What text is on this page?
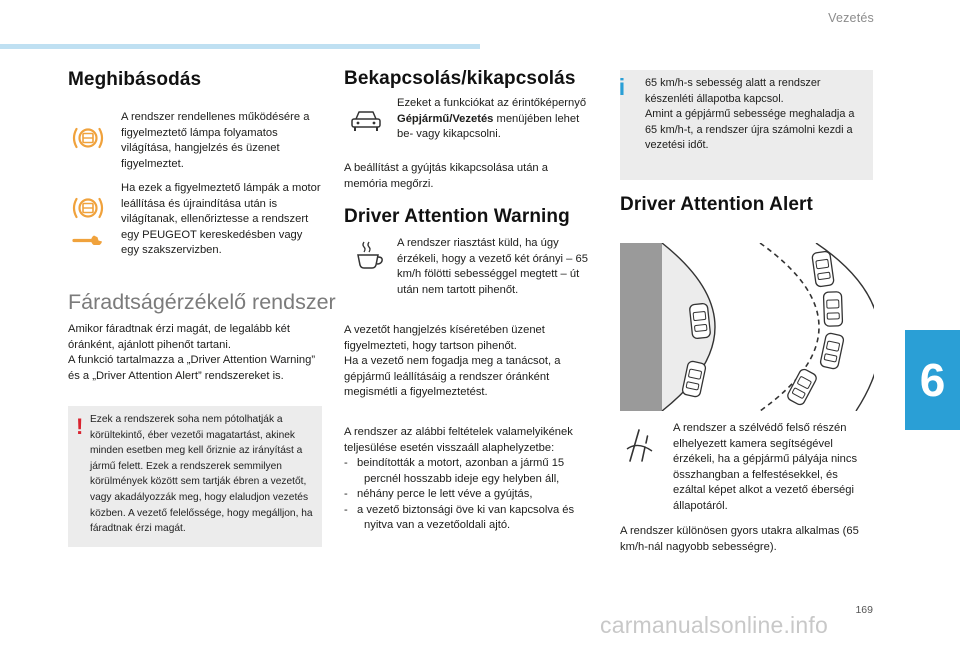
Vezetés
Meghibásodás
A rendszer rendellenes működésére a figyelmeztető lámpa folyamatos világítása, hangjelzés és üzenet figyelmeztet.
Ha ezek a figyelmeztető lámpák a motor leállítása és újraindítása után is világítanak, ellenőriztesse a rendszert egy PEUGEOT kereskedésben vagy egy szakszervizben.
Fáradtságérzékelő rendszer

Amikor fáradtnak érzi magát, de legalább két óránként, ajánlott pihenőt tartani.

A funkció tartalmazza a „Driver Attention Warning” és a „Driver Attention Alert” rendszereket is.

! Ezek a rendszerek soha nem pótolhatják a körültekintő, éber vezetői magatartást, akinek minden esetben meg kell őriznie az irányítást a jármű felett. Ezek a rendszerek semmilyen körülmények között sem tartják ébren a vezetőt, vagy akadályozzák meg, hogy elaludjon vezetés közben. A vezető felelőssége, hogy megálljon, ha fáradtnak érzi magát.
Bekapcsolás/kikapcsolás
Ezeket a funkciókat az érintőképernyő Gépjármű/Vezetés menüjében lehet be- vagy kikapcsolni.
A beállítást a gyújtás kikapcsolása után a memória megőrzi.
Driver Attention Warning
A rendszer riasztást küld, ha úgy érzékeli, hogy a vezető két órányi – 65 km/h fölötti sebességgel megtett – út után nem tartott pihenőt.

A vezetőt hangjelzés kíséretében üzenet figyelmezteti, hogy tartson pihenőt.

Ha a vezető nem fogadja meg a tanácsot, a gépjármű leállításáig a rendszer óránként megismétli a figyelmeztetést.

A rendszer az alábbi feltételek valamelyikének teljesülése esetén visszaáll alaphelyzetbe:

-   beindították a motort, azonban a jármű 15 percnél hosszabb ideje egy helyben áll,

-   néhány perce le lett véve a gyújtás,

-   a vezető biztonsági öve ki van kapcsolva és nyitva van a vezetőoldali ajtó.

i 65 km/h-s sebesség alatt a rendszer készenléti állapotba kapcsol.

Amint a gépjármű sebessége meghaladja a 65 km/h-t, a rendszer újra számolni kezdi a vezetési időt.

Driver Attention Alert
A rendszer a szélvédő felső részén elhelyezett kamera segítségével érzékeli, ha a gépjármű pályája nincs összhangban a felfestésekkel, és ezáltal képet alkot a vezető éberségi állapotáról.
A rendszer különösen gyors utakra alkalmas (65 km/h-nál nagyobb sebességre).
6
169
carmanualsonline.info
